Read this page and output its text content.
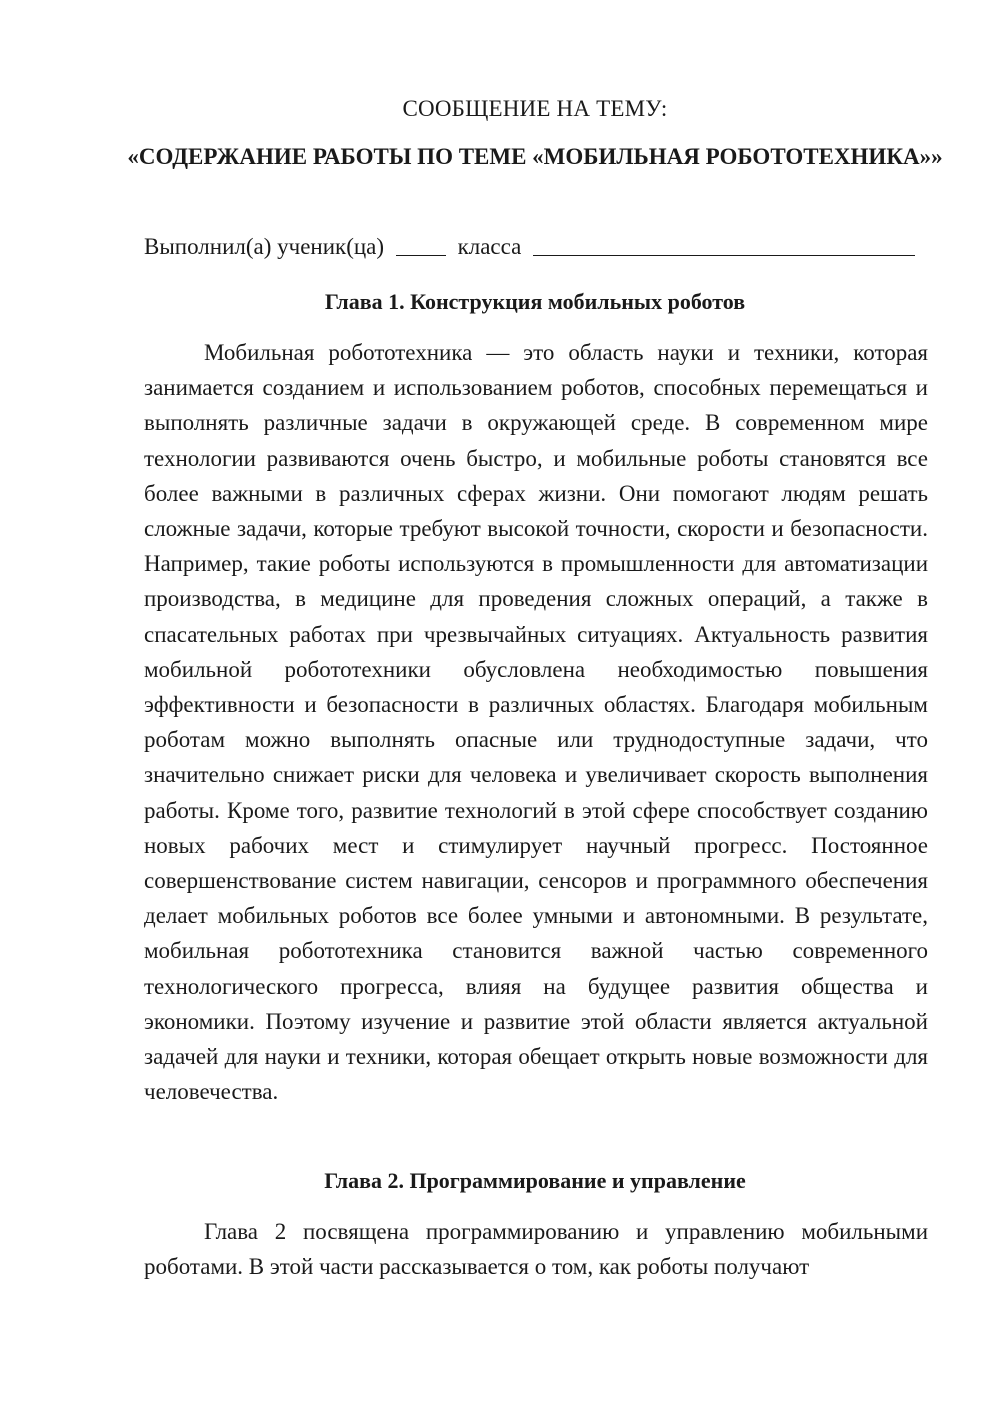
СООБЩЕНИЕ НА ТЕМУ:
«СОДЕРЖАНИЕ РАБОТЫ ПО ТЕМЕ «МОБИЛЬНАЯ РОБОТОТЕХНИКА»»
Выполнил(а) ученик(ца)	класса
Глава 1. Конструкция мобильных роботов

Мобильная робототехника — это область науки и техники, которая занимается созданием и использованием роботов, способных перемещаться и выполнять различные задачи в окружающей среде. В современном мире технологии развиваются очень быстро, и мобильные роботы становятся все более важными в различных сферах жизни. Они помогают людям решать сложные задачи, которые требуют высокой точности, скорости и безопасности. Например, такие роботы используются в промышленности для автоматизации производства, в медицине для проведения сложных операций, а также в спасательных работах при чрезвычайных ситуациях. Актуальность развития мобильной робототехники обусловлена необходимостью повышения эффективности и безопасности в различных областях. Благодаря мобильным роботам можно выполнять опасные или труднодоступные задачи, что значительно снижает риски для человека и увеличивает скорость выполнения работы. Кроме того, развитие технологий в этой сфере способствует созданию новых рабочих мест и стимулирует научный прогресс. Постоянное совершенствование систем навигации, сенсоров и программного обеспечения делает мобильных роботов все более умными и автономными. В результате, мобильная робототехника становится важной частью современного технологического прогресса, влияя на будущее развития общества и экономики. Поэтому изучение и развитие этой области является актуальной задачей для науки и техники, которая обещает открыть новые возможности для человечества.

Глава 2. Программирование и управление

Глава 2 посвящена программированию и управлению мобильными роботами. В этой части рассказывается о том, как роботы получают
